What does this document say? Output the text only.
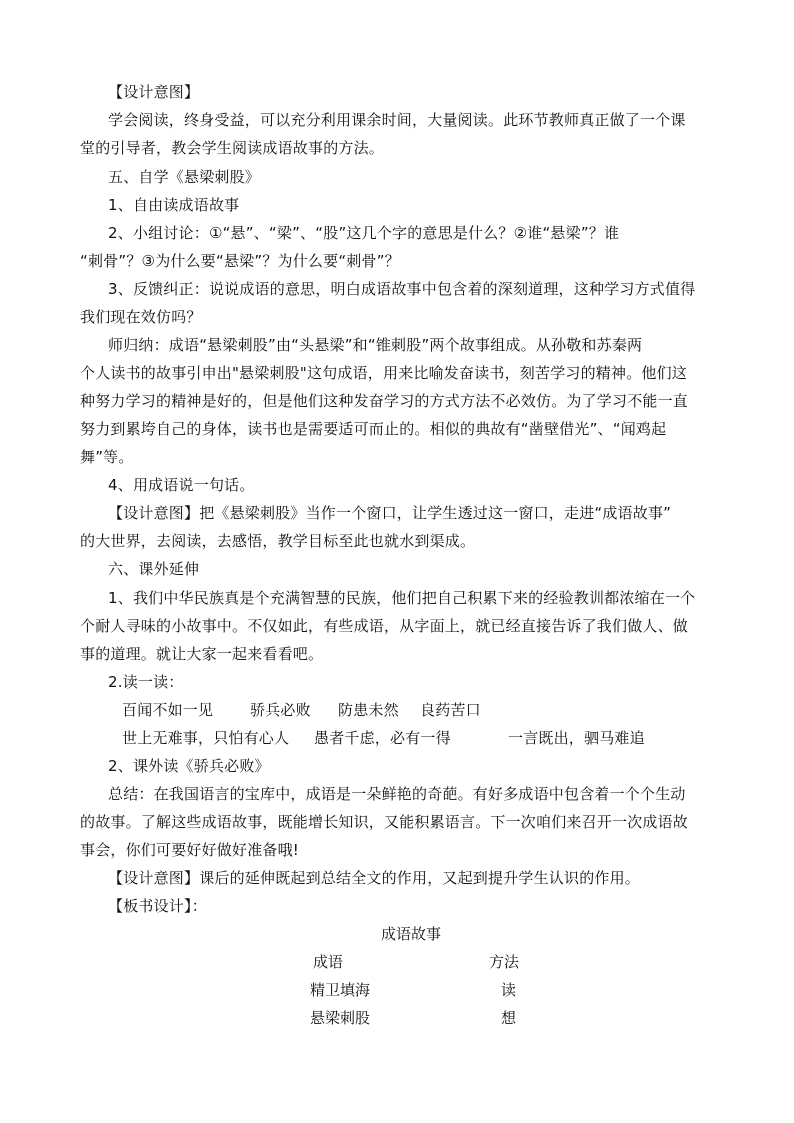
【设计意图】
学会阅读，终身受益，可以充分利用课余时间，大量阅读。此环节教师真正做了一个课
堂的引导者，教会学生阅读成语故事的方法。
五、自学《悬梁刺股》
1、自由读成语故事
2、小组讨论：①“悬”、“梁”、“股”这几个字的意思是什么？②谁“悬梁”？谁
“刺骨”？③为什么要“悬梁”？为什么要“刺骨”？
3、反馈纠正：说说成语的意思，明白成语故事中包含着的深刻道理，这种学习方式值得
我们现在效仿吗？
师归纳：成语“悬梁刺股”由“头悬梁”和“锥刺股”两个故事组成。从孙敬和苏秦两
个人读书的故事引申出"悬梁刺股"这句成语，用来比喻发奋读书，刻苦学习的精神。他们这
种努力学习的精神是好的，但是他们这种发奋学习的方式方法不必效仿。为了学习不能一直
努力到累垮自己的身体，读书也是需要适可而止的。相似的典故有“凿壁借光”、“闻鸡起
舞”等。
4、用成语说一句话。
【设计意图】把《悬梁刺股》当作一个窗口，让学生透过这一窗口，走进“成语故事”
的大世界，去阅读，去感悟，教学目标至此也就水到渠成。
六、课外延伸
1、我们中华民族真是个充满智慧的民族，他们把自己积累下来的经验教训都浓缩在一个
个耐人寻味的小故事中。不仅如此，有些成语，从字面上，就已经直接告诉了我们做人、做
事的道理。就让大家一起来看看吧。
2.读一读：
百闻不如一见 骄兵必败 防患未然 良药苦口
世上无难事，只怕有心人 愚者千虑，必有一得	一言既出，驷马难追
2、课外读《骄兵必败》
总结：在我国语言的宝库中，成语是一朵鲜艳的奇葩。有好多成语中包含着一个个生动
的故事。了解这些成语故事，既能增长知识，又能积累语言。下一次咱们来召开一次成语故
事会，你们可要好好做好准备哦!
【设计意图】课后的延伸既起到总结全文的作用，又起到提升学生认识的作用。
【板书设计】：
成语故事
成语	方法
精卫填海	读
悬梁刺股	想
